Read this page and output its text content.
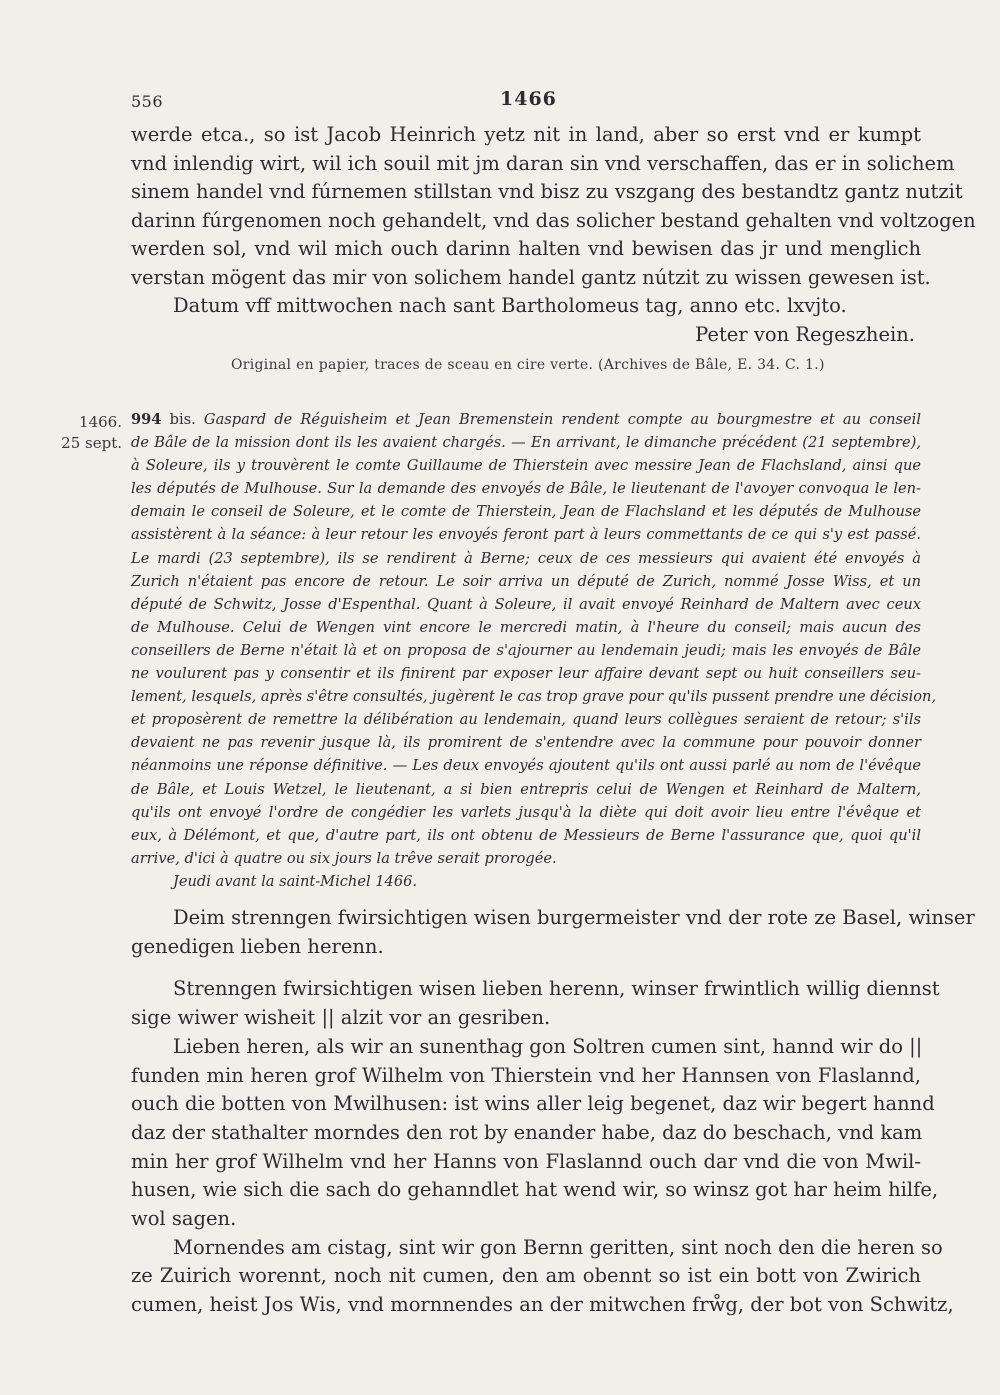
556	1466
werde etca., so ist Jacob Heinrich yetz nit in land, aber so erst vnd er kumpt
vnd inlendig wirt, wil ich souil mit jm daran sin vnd verschaffen, das er in solichem
sinem handel vnd fúrnemen stillstan vnd bisz zu vszgang des bestandtz gantz nutzit
darinn fúrgenomen noch gehandelt, vnd das solicher bestand gehalten vnd voltzogen
werden sol, vnd wil mich ouch darinn halten vnd bewisen das jr und menglich
verstan mögent das mir von solichem handel gantz nútzit zu wissen gewesen ist.
Datum vff mittwochen nach sant Bartholomeus tag, anno etc. lxvjto.
Peter von Regeszhein.
Original en papier, traces de sceau en cire verte. (Archives de Bâle, E. 34. C. 1.)
1466.
25 sept.
994 bis. Gaspard de Réguisheim et Jean Bremenstein rendent compte au bourgmestre et au conseil
de Bâle de la mission dont ils les avaient chargés. — En arrivant, le dimanche précédent (21 septembre),
à Soleure, ils y trouvèrent le comte Guillaume de Thierstein avec messire Jean de Flachsland, ainsi que
les députés de Mulhouse. Sur la demande des envoyés de Bâle, le lieutenant de l'avoyer convoqua le len-
demain le conseil de Soleure, et le comte de Thierstein, Jean de Flachsland et les députés de Mulhouse
assistèrent à la séance: à leur retour les envoyés feront part à leurs commettants de ce qui s'y est passé.
Le mardi (23 septembre), ils se rendirent à Berne; ceux de ces messieurs qui avaient été envoyés à
Zurich n'étaient pas encore de retour. Le soir arriva un député de Zurich, nommé Josse Wiss, et un
député de Schwitz, Josse d'Espenthal. Quant à Soleure, il avait envoyé Reinhard de Maltern avec ceux
de Mulhouse. Celui de Wengen vint encore le mercredi matin, à l'heure du conseil; mais aucun des
conseillers de Berne n'était là et on proposa de s'ajourner au lendemain jeudi; mais les envoyés de Bâle
ne voulurent pas y consentir et ils finirent par exposer leur affaire devant sept ou huit conseillers seu-
lement, lesquels, après s'être consultés, jugèrent le cas trop grave pour qu'ils pussent prendre une décision,
et proposèrent de remettre la délibération au lendemain, quand leurs collègues seraient de retour; s'ils
devaient ne pas revenir jusque là, ils promirent de s'entendre avec la commune pour pouvoir donner
néanmoins une réponse définitive. — Les deux envoyés ajoutent qu'ils ont aussi parlé au nom de l'évêque
de Bâle, et Louis Wetzel, le lieutenant, a si bien entrepris celui de Wengen et Reinhard de Maltern,
qu'ils ont envoyé l'ordre de congédier les varlets jusqu'à la diète qui doit avoir lieu entre l'évêque et
eux, à Délémont, et que, d'autre part, ils ont obtenu de Messieurs de Berne l'assurance que, quoi qu'il
arrive, d'ici à quatre ou six jours la trêve serait prorogée.
Jeudi avant la saint-Michel 1466.
Deim strenngen fwirsichtigen wisen burgermeister vnd der rote ze Basel, winser
genedigen lieben herenn.
Strenngen fwirsichtigen wisen lieben herenn, winser frwintlich willig diennst
sige wiwer wisheit || alzit vor an gesriben.
Lieben heren, als wir an sunenthag gon Soltren cumen sint, hannd wir do ||
funden min heren grof Wilhelm von Thierstein vnd her Hannsen von Flaslannd,
ouch die botten von Mwilhusen: ist wins aller leig begenet, daz wir begert hannd
daz der stathalter morndes den rot by enander habe, daz do beschach, vnd kam
min her grof Wilhelm vnd her Hanns von Flaslannd ouch dar vnd die von Mwil-
husen, wie sich die sach do gehanndlet hat wend wir, so winsz got har heim hilfe,
wol sagen.
Mornendes am cistag, sint wir gon Bernn geritten, sint noch den die heren so
ze Zuirich worennt, noch nit cumen, den am obennt so ist ein bott von Zwirich
cumen, heist Jos Wis, vnd mornnendes an der mitwchen frẘg, der bot von Schwitz,
